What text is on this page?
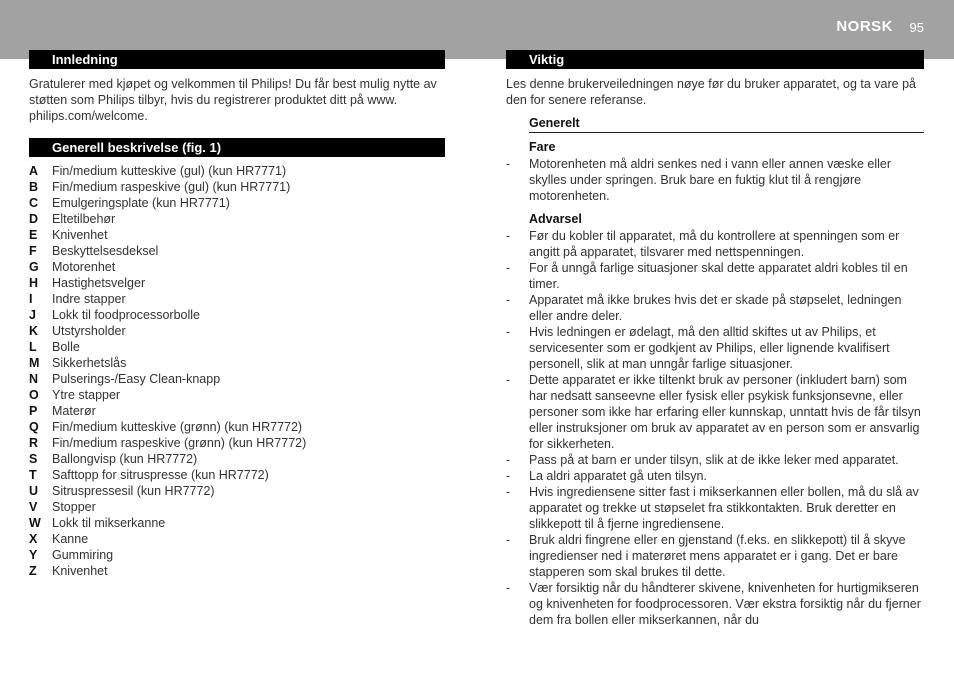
NORSK 95
Innledning

Gratulerer med kjøpet og velkommen til Philips! Du får best mulig nytte av støtten som Philips tilbyr, hvis du registrerer produktet ditt på www.
philips.com/welcome.

Generell beskrivelse (fig. 1)
A Fin/medium kutteskive (gul) (kun HR7771)
B Fin/medium raspeskive (gul) (kun HR7771)
C Emulgeringsplate (kun HR7771)
D Eltetilbehør
E Knivenhet
F Beskyttelsesdeksel
G Motorenhet
H Hastighetsvelger
I Indre stapper
J Lokk til foodprocessorbolle
K Utstyrsholder
L Bolle
M Sikkerhetslås
N Pulserings-/Easy Clean-knapp
O Ytre stapper
P Materør
Q Fin/medium kutteskive (grønn) (kun HR7772)
R Fin/medium raspeskive (grønn) (kun HR7772)
S Ballongvisp (kun HR7772)
T Safttopp for sitruspresse (kun HR7772)
U Sitruspressesil (kun HR7772)
V Stopper
W Lokk til mikserkanne
X Kanne
Y Gummiring
Z Knivenhet
Viktig

Les denne brukerveiledningen nøye før du bruker apparatet, og ta vare på den for senere referanse.

Generelt
Fare
-	Motorenheten må aldri senkes ned i vann eller annen væske eller skylles under springen. Bruk bare en fuktig klut til å rengjøre motorenheten.
Advarsel
-	Før du kobler til apparatet, må du kontrollere at spenningen som er angitt på apparatet, tilsvarer med nettspenningen.
-	For å unngå farlige situasjoner skal dette apparatet aldri kobles til en timer.
-	Apparatet må ikke brukes hvis det er skade på støpselet, ledningen eller andre deler.
-	Hvis ledningen er ødelagt, må den alltid skiftes ut av Philips, et servicesenter som er godkjent av Philips, eller lignende kvalifisert personell, slik at man unngår farlige situasjoner.
-	Dette apparatet er ikke tiltenkt bruk av personer (inkludert barn) som har nedsatt sanseevne eller fysisk eller psykisk funksjonsevne, eller personer som ikke har erfaring eller kunnskap, unntatt hvis de får tilsyn eller instruksjoner om bruk av apparatet av en person som er ansvarlig for sikkerheten.
-	Pass på at barn er under tilsyn, slik at de ikke leker med apparatet.
-	La aldri apparatet gå uten tilsyn.
-	Hvis ingrediensene sitter fast i mikserkannen eller bollen, må du slå av apparatet og trekke ut støpselet fra stikkontakten. Bruk deretter en slikkepott til å fjerne ingrediensene.
-	Bruk aldri fingrene eller en gjenstand (f.eks. en slikkepott) til å skyve ingredienser ned i materøret mens apparatet er i gang. Det er bare stapperen som skal brukes til dette.
-	Vær forsiktig når du håndterer skivene, knivenheten for hurtigmikseren og knivenheten for foodprocessoren. Vær ekstra forsiktig når du fjerner dem fra bollen eller mikserkannen, når du
